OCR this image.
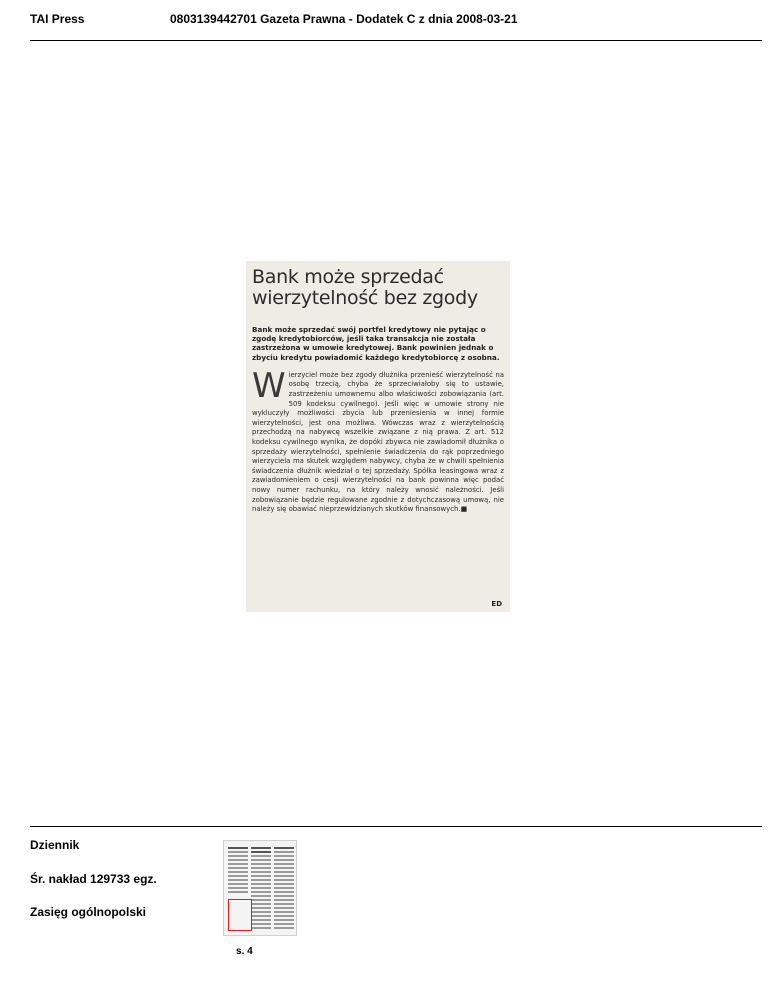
TAI Press	0803139442701 Gazeta Prawna - Dodatek C z dnia 2008-03-21
Bank może sprzedać wierzytelność bez zgody

Bank może sprzedać swój portfel kredytowy nie pytając o zgodę kredytobiorców, jeśli taka transakcja nie została zastrzeżona w umowie kredytowej. Bank powinien jednak o zbyciu kredytu powiadomić każdego kredytobiorcę z osobna.

Wierzyciel może bez zgody dłużnika przenieść wierzytelność na osobę trzecią, chyba że sprzeciwiałoby się to ustawie, zastrzeżeniu umownemu albo właściwości zobowiązania (art. 509 kodeksu cywilnego). Jeśli więc w umowie strony nie wykluczyły możliwości zbycia lub przeniesienia w innej formie wierzytelności, jest ona możliwa. Wówczas wraz z wierzytelnością przechodzą na nabywcę wszelkie związane z nią prawa. Z art. 512 kodeksu cywilnego wynika, że dopóki zbywca nie zawiadomił dłużnika o sprzedaży wierzytelności, spełnienie świadczenia do rąk poprzedniego wierzyciela ma skutek względem nabywcy, chyba że w chwili spełnienia świadczenia dłużnik wiedział o tej sprzedaży. Spółka leasingowa wraz z zawiadomieniem o cesji wierzytelności na bank powinna więc podać nowy numer rachunku, na który należy wnosić należności. Jeśli zobowiązanie będzie regulowane zgodnie z dotychczasową umową, nie należy się obawiać nieprzewidzianych skutków finansowych.■

ED
Dziennik
Śr. nakład 129733 egz.
Zasięg ogólnopolski
s. 4
